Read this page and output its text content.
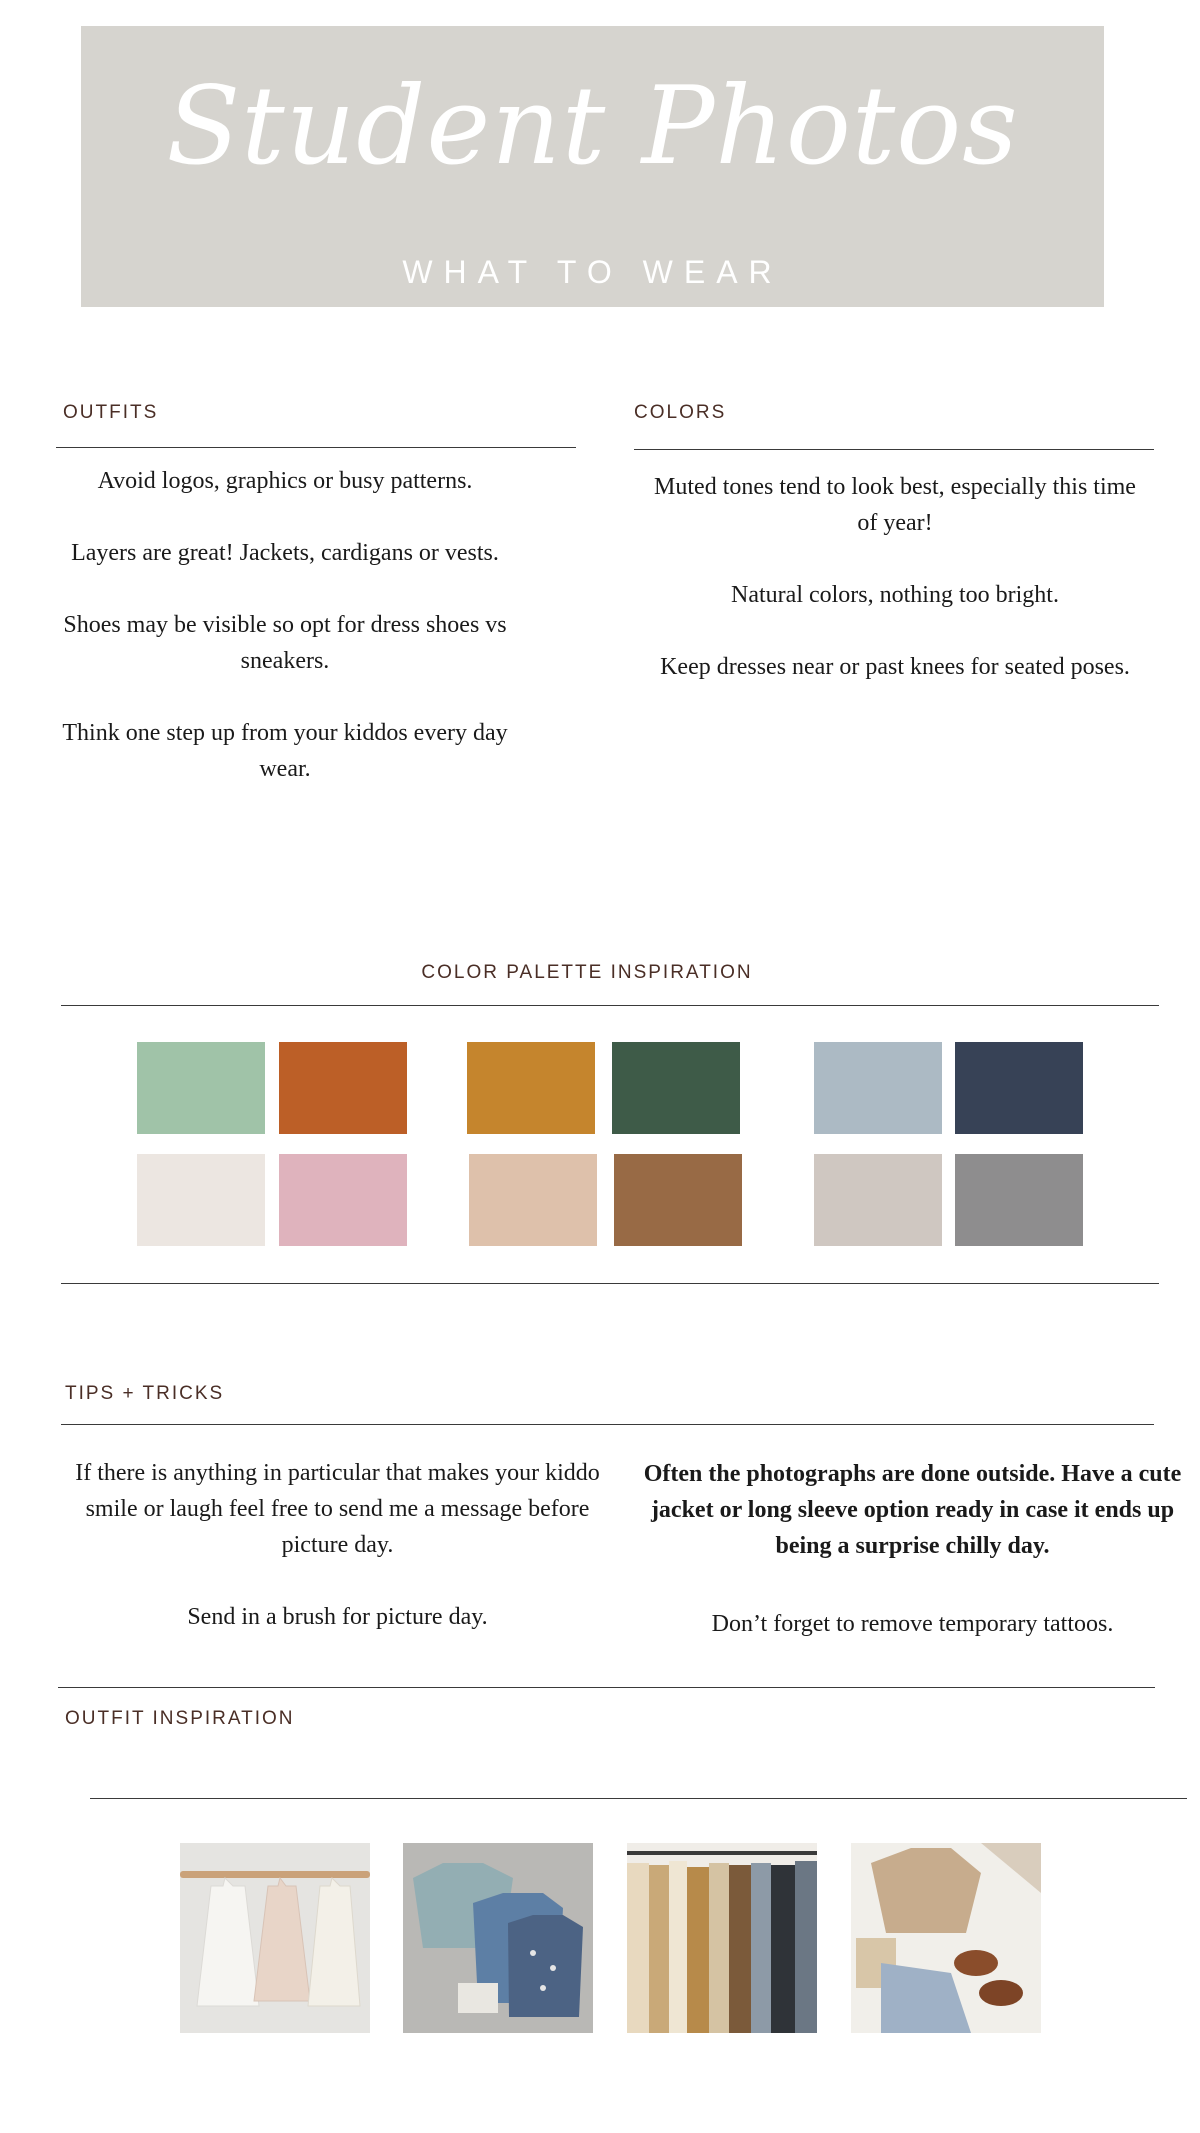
Student Photos
WHAT TO WEAR
OUTFITS

Avoid logos, graphics or busy patterns.

Layers are great! Jackets, cardigans or vests.

Shoes may be visible so opt for dress shoes vs sneakers.

Think one step up from your kiddos every day wear.

COLORS

Muted tones tend to look best, especially this time of year!

Natural colors, nothing too bright.

Keep dresses near or past knees for seated poses.

COLOR PALETTE INSPIRATION
TIPS + TRICKS

If there is anything in particular that makes your kiddo smile or laugh feel free to send me a message before picture day.

Send in a brush for picture day.

Often the photographs are done outside. Have a cute jacket or long sleeve option ready in case it ends up being a surprise chilly day.

Don’t forget to remove temporary tattoos.
OUTFIT INSPIRATION
